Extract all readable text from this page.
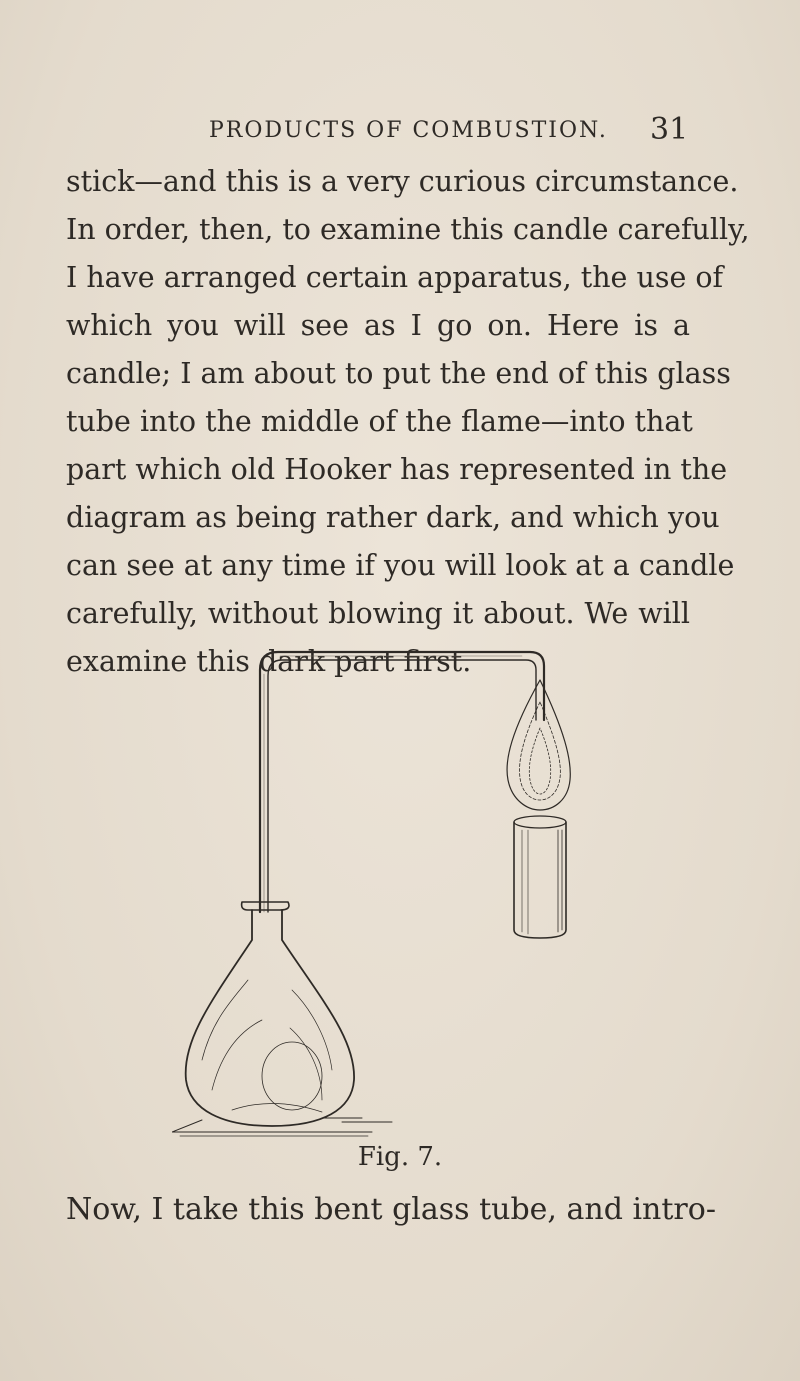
PRODUCTS OF COMBUSTION. 31
stick—and this is a very curious circumstance.
In order, then, to examine this candle carefully,
I have arranged certain apparatus, the use of
which you will see as I go on. Here is a
candle; I am about to put the end of this glass
tube into the middle of the flame—into that
part which old Hooker has represented in the
diagram as being rather dark, and which you
can see at any time if you will look at a candle
carefully, without blowing it about. We will
examine this dark part first.
Fig. 7.
Now, I take this bent glass tube, and intro-
